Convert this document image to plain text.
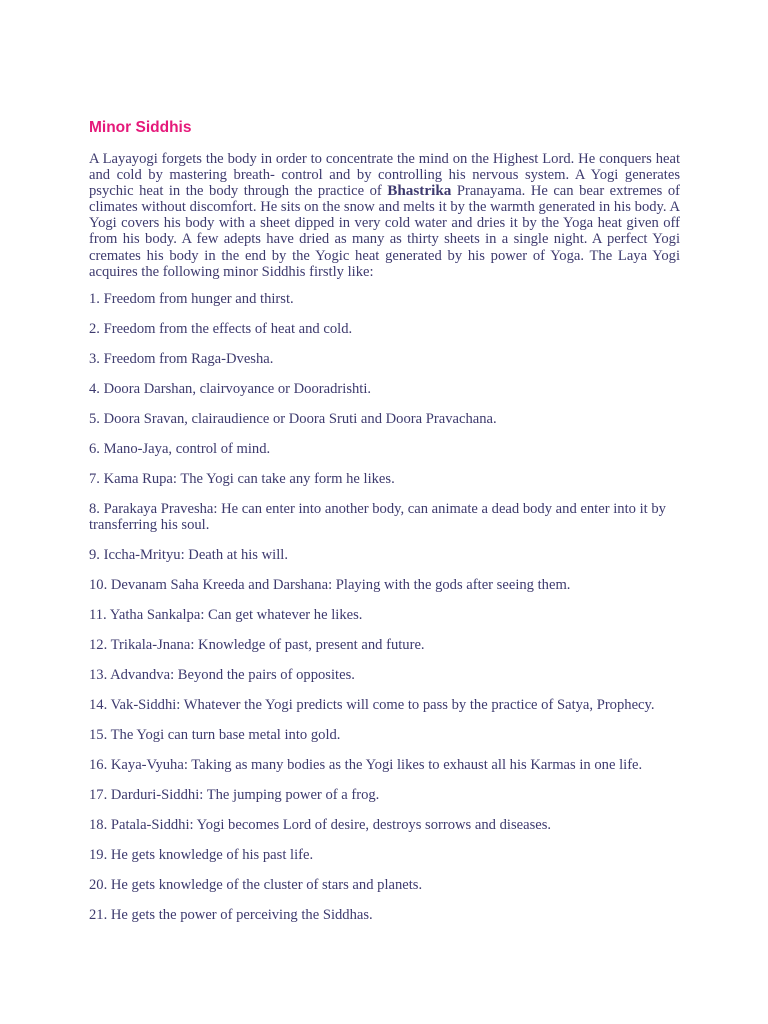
Minor Siddhis

A Layayogi forgets the body in order to concentrate the mind on the Highest Lord. He conquers heat and cold by mastering breath- control and by controlling his nervous system. A Yogi generates psychic heat in the body through the practice of Bhastrika Pranayama. He can bear extremes of climates without discomfort. He sits on the snow and melts it by the warmth generated in his body. A Yogi covers his body with a sheet dipped in very cold water and dries it by the Yoga heat given off from his body. A few adepts have dried as many as thirty sheets in a single night. A perfect Yogi cremates his body in the end by the Yogic heat generated by his power of Yoga. The Laya Yogi acquires the following minor Siddhis firstly like:

1. Freedom from hunger and thirst.
2. Freedom from the effects of heat and cold.
3. Freedom from Raga-Dvesha.
4. Doora Darshan, clairvoyance or Dooradrishti.
5. Doora Sravan, clairaudience or Doora Sruti and Doora Pravachana.
6. Mano-Jaya, control of mind.
7. Kama Rupa: The Yogi can take any form he likes.
8. Parakaya Pravesha: He can enter into another body, can animate a dead body and enter into it by transferring his soul.
9. Iccha-Mrityu: Death at his will.
10. Devanam Saha Kreeda and Darshana: Playing with the gods after seeing them.
11. Yatha Sankalpa: Can get whatever he likes.
12. Trikala-Jnana: Knowledge of past, present and future.
13. Advandva: Beyond the pairs of opposites.
14. Vak-Siddhi: Whatever the Yogi predicts will come to pass by the practice of Satya, Prophecy.
15. The Yogi can turn base metal into gold.
16. Kaya-Vyuha: Taking as many bodies as the Yogi likes to exhaust all his Karmas in one life.
17. Darduri-Siddhi: The jumping power of a frog.
18. Patala-Siddhi: Yogi becomes Lord of desire, destroys sorrows and diseases.
19. He gets knowledge of his past life.
20. He gets knowledge of the cluster of stars and planets.
21. He gets the power of perceiving the Siddhas.
